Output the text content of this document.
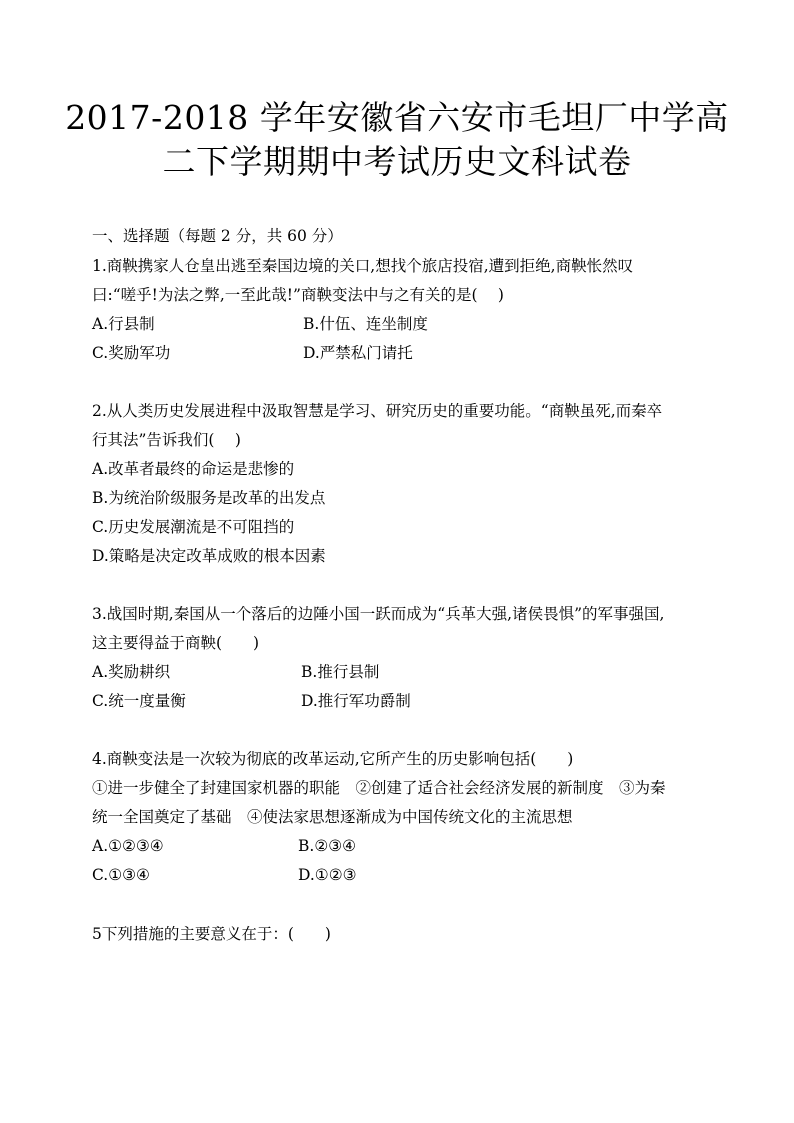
2017-2018 学年安徽省六安市毛坦厂中学高
二下学期期中考试历史文科试卷
一、选择题（每题 2 分，共 60 分）
1.商鞅携家人仓皇出逃至秦国边境的关口,想找个旅店投宿,遭到拒绝,商鞅怅然叹
曰:“嗟乎!为法之弊,一至此哉!”商鞅变法中与之有关的是(　 )
A.行县制	B.什伍、连坐制度
C.奖励军功	D.严禁私门请托
2.从人类历史发展进程中汲取智慧是学习、研究历史的重要功能。“商鞅虽死,而秦卒
行其法”告诉我们(　 )
A.改革者最终的命运是悲惨的
B.为统治阶级服务是改革的出发点
C.历史发展潮流是不可阻挡的
D.策略是决定改革成败的根本因素
3.战国时期,秦国从一个落后的边陲小国一跃而成为“兵革大强,诸侯畏惧”的军事强国,
这主要得益于商鞅(　　)
A.奖励耕织	B.推行县制
C.统一度量衡	D.推行军功爵制
4.商鞅变法是一次较为彻底的改革运动,它所产生的历史影响包括(　　)
①进一步健全了封建国家机器的职能　②创建了适合社会经济发展的新制度　③为秦
统一全国奠定了基础　④使法家思想逐渐成为中国传统文化的主流思想
A.①②③④	B.②③④
C.①③④	D.①②③
5下列措施的主要意义在于：(　　)
